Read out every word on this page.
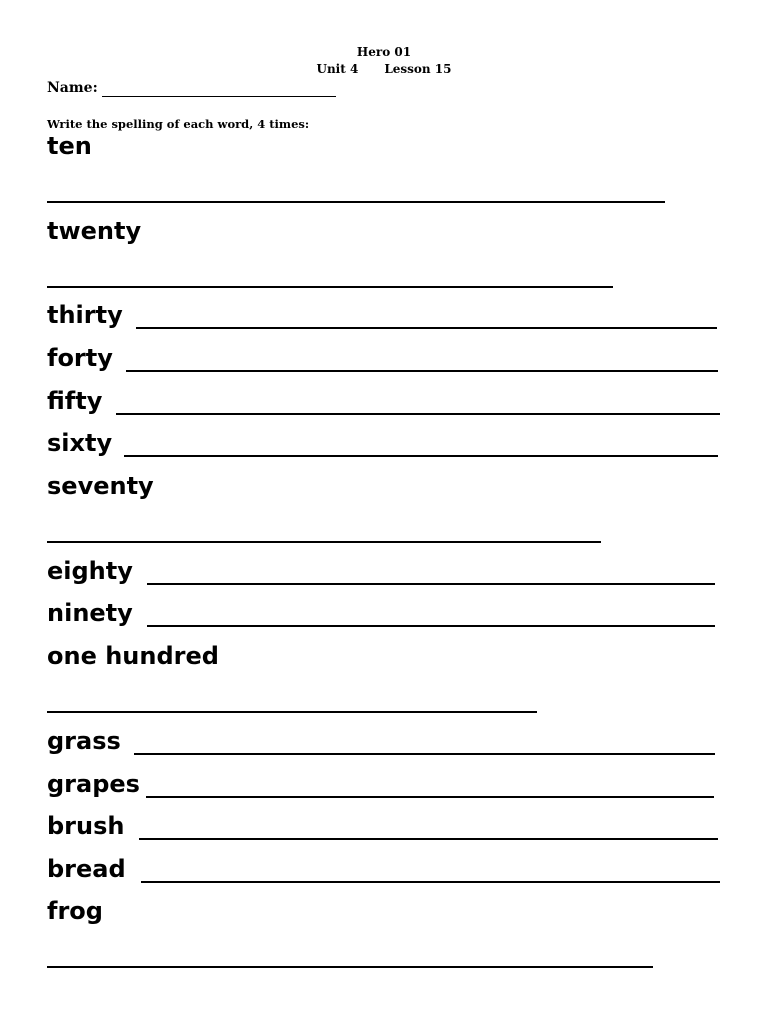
Hero 01
Unit 4 Lesson 15
Name:
Write the spelling of each word, 4 times:
ten
twenty
thirty
forty
fifty
sixty
seventy
eighty
ninety
one hundred
grass
grapes
brush
bread
frog
